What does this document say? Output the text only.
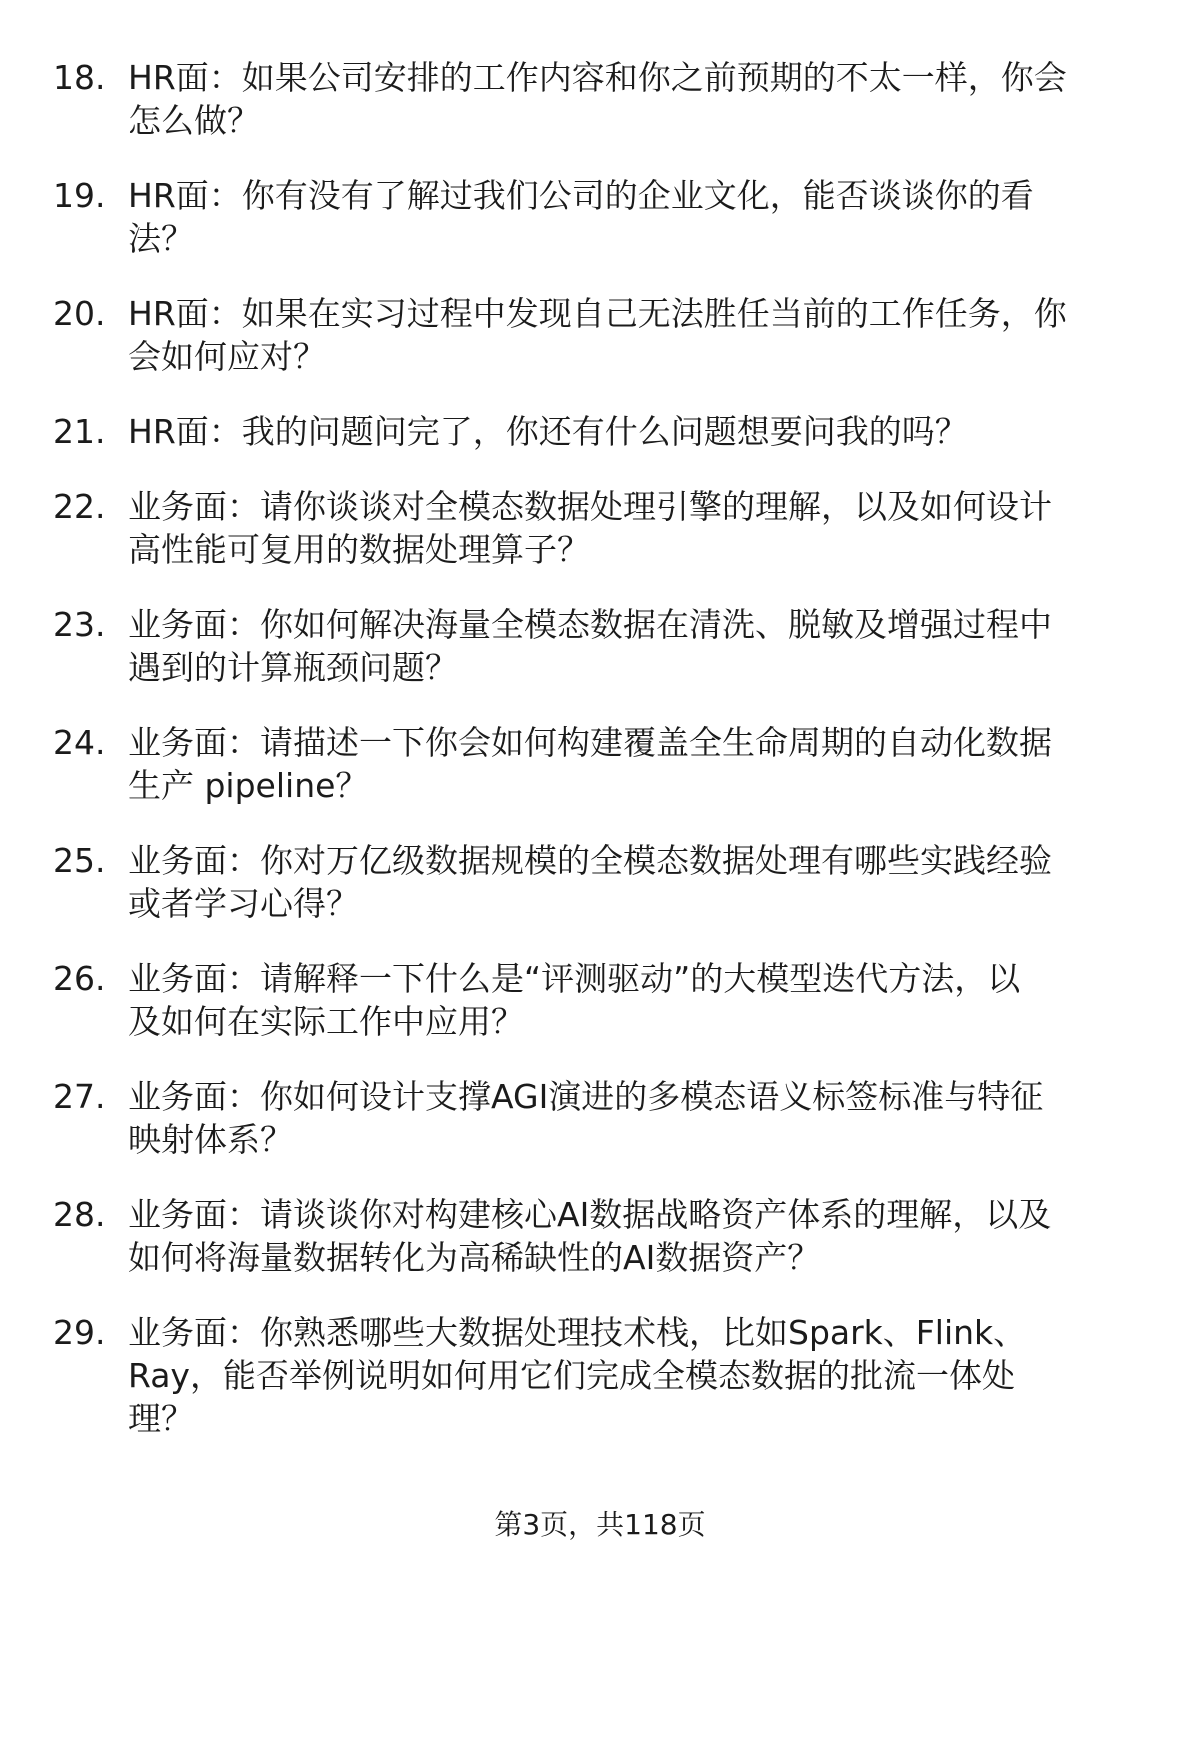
18. HR面：如果公司安排的工作内容和你之前预期的不太一样，你会
怎么做？
19. HR面：你有没有了解过我们公司的企业文化，能否谈谈你的看
法？
20. HR面：如果在实习过程中发现自己无法胜任当前的工作任务，你
会如何应对？
21. HR面：我的问题问完了，你还有什么问题想要问我的吗？
22. 业务面：请你谈谈对全模态数据处理引擎的理解，以及如何设计
高性能可复用的数据处理算子？
23. 业务面：你如何解决海量全模态数据在清洗、脱敏及增强过程中
遇到的计算瓶颈问题？
24. 业务面：请描述一下你会如何构建覆盖全生命周期的自动化数据
生产 pipeline？
25. 业务面：你对万亿级数据规模的全模态数据处理有哪些实践经验
或者学习心得？
26. 业务面：请解释一下什么是“评测驱动”的大模型迭代方法，以
及如何在实际工作中应用？
27. 业务面：你如何设计支撑AGI演进的多模态语义标签标准与特征
映射体系？
28. 业务面：请谈谈你对构建核心AI数据战略资产体系的理解，以及
如何将海量数据转化为高稀缺性的AI数据资产？
29. 业务面：你熟悉哪些大数据处理技术栈，比如Spark、Flink、
Ray，能否举例说明如何用它们完成全模态数据的批流一体处
理？
第3页，共118页
